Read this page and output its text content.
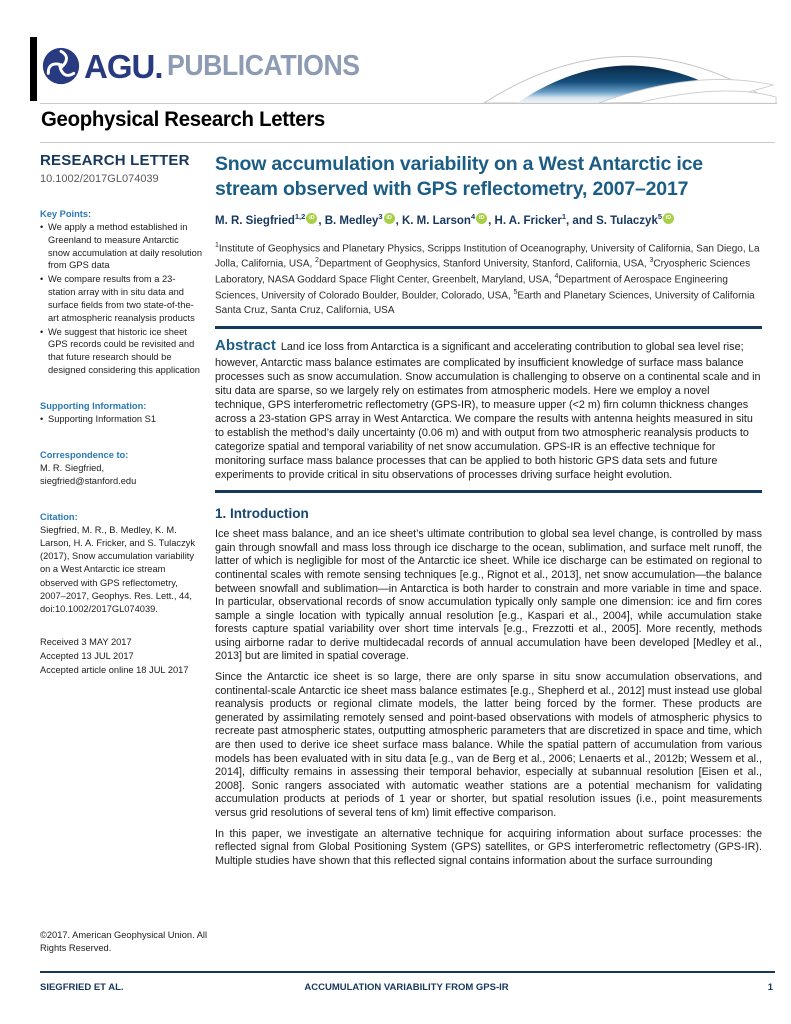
AGU. PUBLICATIONS
Geophysical Research Letters
RESEARCH LETTER
10.1002/2017GL074039
Key Points:
• We apply a method established in Greenland to measure Antarctic snow accumulation at daily resolution from GPS data
• We compare results from a 23-station array with in situ data and surface fields from two state-of-the-art atmospheric reanalysis products
• We suggest that historic ice sheet GPS records could be revisited and that future research should be designed considering this application
Supporting Information:
• Supporting Information S1
Correspondence to:
M. R. Siegfried,
siegfried@stanford.edu
Citation:
Siegfried, M. R., B. Medley, K. M. Larson, H. A. Fricker, and S. Tulaczyk (2017), Snow accumulation variability on a West Antarctic ice stream observed with GPS reflectometry, 2007–2017, Geophys. Res. Lett., 44, doi:10.1002/2017GL074039.
Received 3 MAY 2017
Accepted 13 JUL 2017
Accepted article online 18 JUL 2017
Snow accumulation variability on a West Antarctic ice stream observed with GPS reflectometry, 2007–2017
M. R. Siegfried$^{1,2}$ iD , B. Medley$^3$ iD , K. M. Larson$^4$ iD , H. A. Fricker$^1$, and S. Tulaczyk$^5$ iD
$^1$Institute of Geophysics and Planetary Physics, Scripps Institution of Oceanography, University of California, San Diego, La Jolla, California, USA, $^2$Department of Geophysics, Stanford University, Stanford, California, USA, $^3$Cryospheric Sciences Laboratory, NASA Goddard Space Flight Center, Greenbelt, Maryland, USA, $^4$Department of Aerospace Engineering Sciences, University of Colorado Boulder, Boulder, Colorado, USA, $^5$Earth and Planetary Sciences, University of California Santa Cruz, Santa Cruz, California, USA

Abstract Land ice loss from Antarctica is a significant and accelerating contribution to global sea level rise; however, Antarctic mass balance estimates are complicated by insufficient knowledge of surface mass balance processes such as snow accumulation. Snow accumulation is challenging to observe on a continental scale and in situ data are sparse, so we largely rely on estimates from atmospheric models. Here we employ a novel technique, GPS interferometric reflectometry (GPS-IR), to measure upper (<2 m) firn column thickness changes across a 23-station GPS array in West Antarctica. We compare the results with antenna heights measured in situ to establish the method’s daily uncertainty (0.06 m) and with output from two atmospheric reanalysis products to categorize spatial and temporal variability of net snow accumulation. GPS-IR is an effective technique for monitoring surface mass balance processes that can be applied to both historic GPS data sets and future experiments to provide critical in situ observations of processes driving surface height evolution.

1. Introduction

Ice sheet mass balance, and an ice sheet’s ultimate contribution to global sea level change, is controlled by mass gain through snowfall and mass loss through ice discharge to the ocean, sublimation, and surface melt runoff, the latter of which is negligible for most of the Antarctic ice sheet. While ice discharge can be estimated on regional to continental scales with remote sensing techniques [e.g., Rignot et al., 2013], net snow accumulation—the balance between snowfall and sublimation—in Antarctica is both harder to constrain and more variable in time and space. In particular, observational records of snow accumulation typically only sample one dimension: ice and firn cores sample a single location with typically annual resolution [e.g., Kaspari et al., 2004], while accumulation stake forests capture spatial variability over short time intervals [e.g., Frezzotti et al., 2005]. More recently, methods using airborne radar to derive multidecadal records of annual accumulation have been developed [Medley et al., 2013] but are limited in spatial coverage.

Since the Antarctic ice sheet is so large, there are only sparse in situ snow accumulation observations, and continental-scale Antarctic ice sheet mass balance estimates [e.g., Shepherd et al., 2012] must instead use global reanalysis products or regional climate models, the latter being forced by the former. These products are generated by assimilating remotely sensed and point-based observations with models of atmospheric physics to recreate past atmospheric states, outputting atmospheric parameters that are discretized in space and time, which are then used to derive ice sheet surface mass balance. While the spatial pattern of accumulation from various models has been evaluated with in situ data [e.g., van de Berg et al., 2006; Lenaerts et al., 2012b; Wessem et al., 2014], difficulty remains in assessing their temporal behavior, especially at subannual resolution [Eisen et al., 2008]. Sonic rangers associated with automatic weather stations are a potential mechanism for validating accumulation products at periods of 1 year or shorter, but spatial resolution issues (i.e., point measurements versus grid resolutions of several tens of km) limit effective comparison.

In this paper, we investigate an alternative technique for acquiring information about surface processes: the reflected signal from Global Positioning System (GPS) satellites, or GPS interferometric reflectometry (GPS-IR). Multiple studies have shown that this reflected signal contains information about the surface surrounding

©2017. American Geophysical Union. All Rights Reserved.
SIEGFRIED ET AL.	ACCUMULATION VARIABILITY FROM GPS-IR	1
